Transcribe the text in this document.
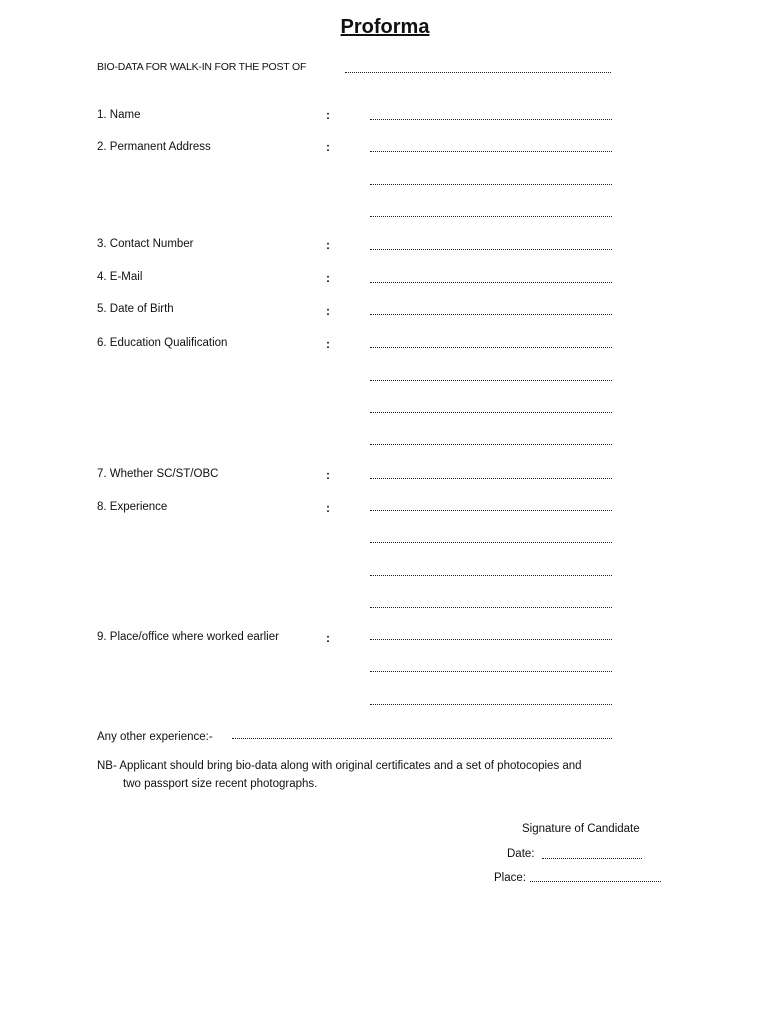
Proforma
BIO-DATA FOR WALK-IN FOR THE POST OF
1. Name	:
2. Permanent Address	:
3. Contact Number	:
4. E-Mail	:
5. Date of Birth	:
6. Education Qualification	:
7. Whether SC/ST/OBC	:
8. Experience	:
9. Place/office where worked earlier	:
Any other experience:-
NB- Applicant should bring bio-data along with original certificates and a set of photocopies and
two passport size recent photographs.
Signature of Candidate
Date:
Place:
